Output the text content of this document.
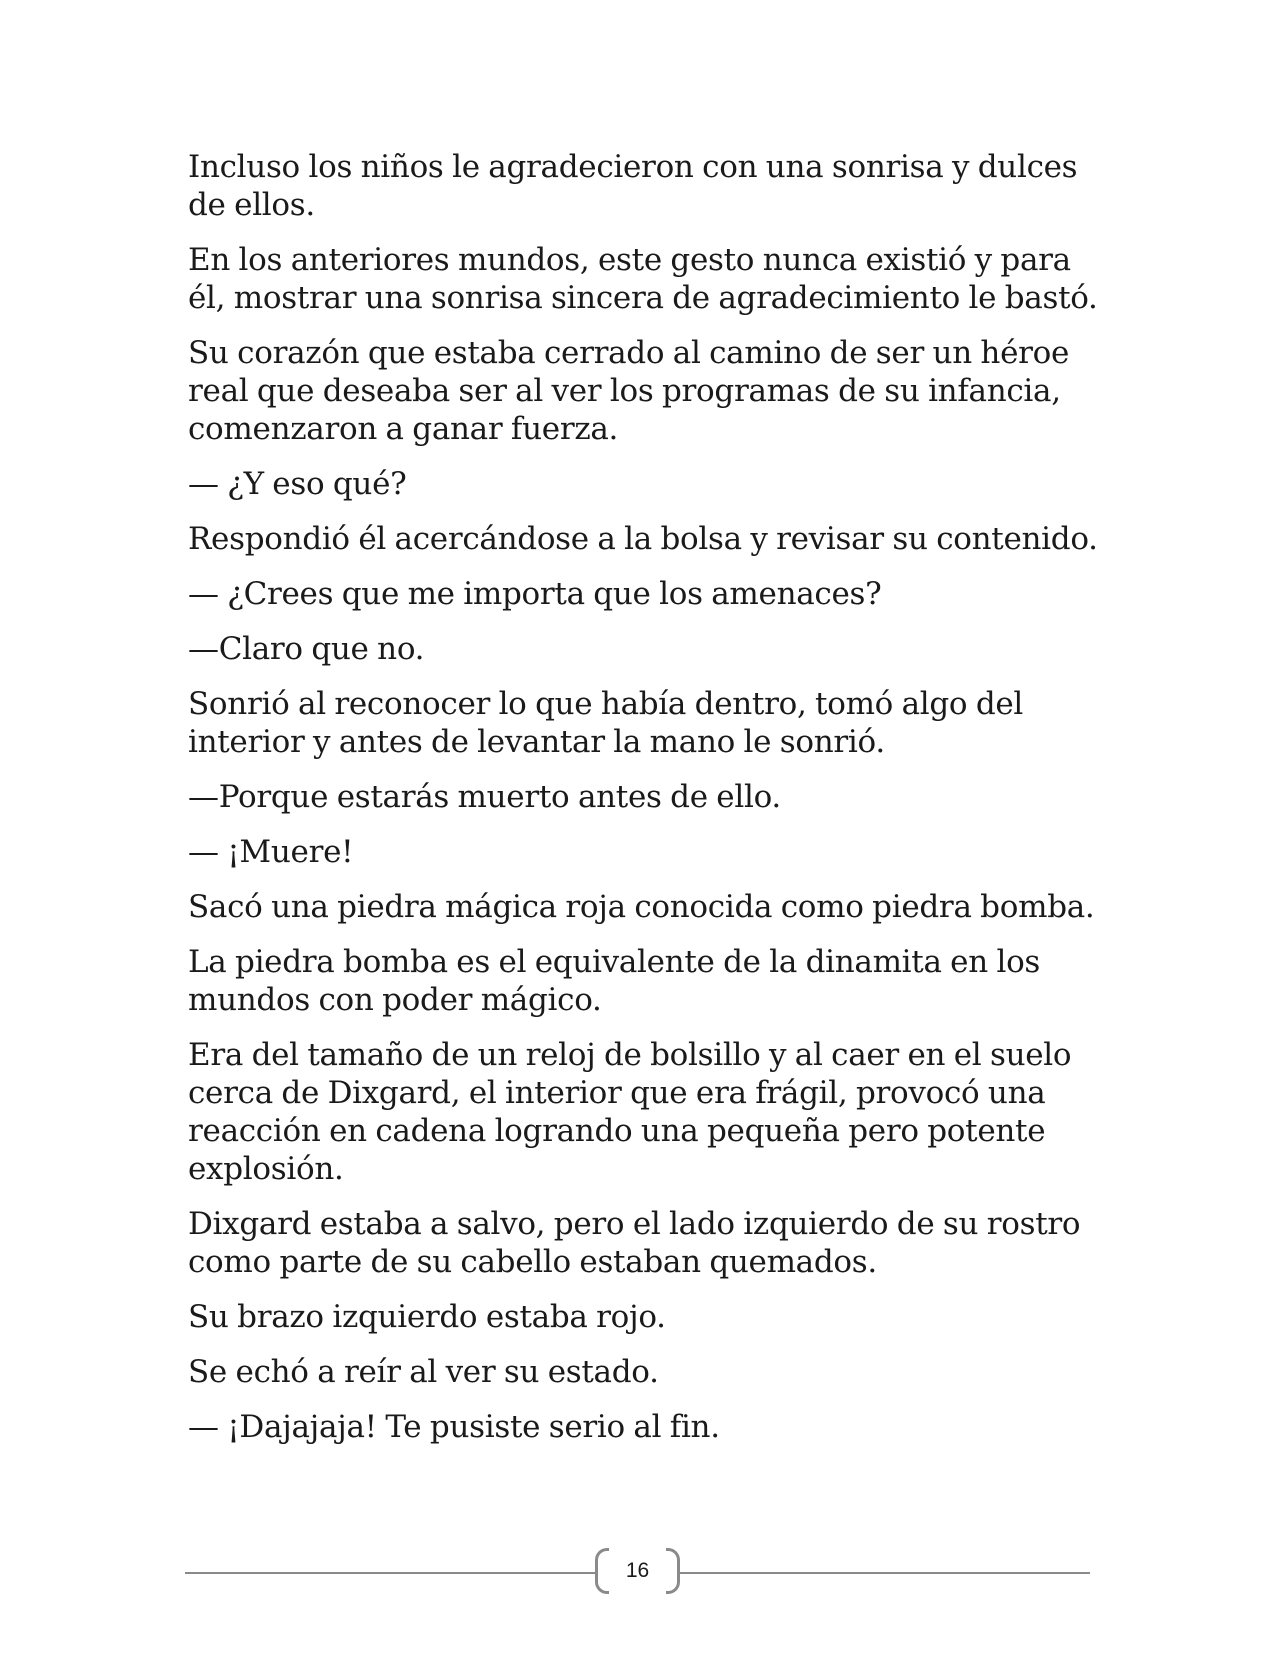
Incluso los niños le agradecieron con una sonrisa y dulces de ellos.

En los anteriores mundos, este gesto nunca existió y para él, mostrar una sonrisa sincera de agradecimiento le bastó.

Su corazón que estaba cerrado al camino de ser un héroe real que deseaba ser al ver los programas de su infancia, comenzaron a ganar fuerza.

— ¿Y eso qué?

Respondió él acercándose a la bolsa y revisar su contenido.

— ¿Crees que me importa que los amenaces?

—Claro que no.

Sonrió al reconocer lo que había dentro, tomó algo del interior y antes de levantar la mano le sonrió.

—Porque estarás muerto antes de ello.

— ¡Muere!

Sacó una piedra mágica roja conocida como piedra bomba.

La piedra bomba es el equivalente de la dinamita en los mundos con poder mágico.

Era del tamaño de un reloj de bolsillo y al caer en el suelo cerca de Dixgard, el interior que era frágil, provocó una reacción en cadena logrando una pequeña pero potente explosión.

Dixgard estaba a salvo, pero el lado izquierdo de su rostro como parte de su cabello estaban quemados.

Su brazo izquierdo estaba rojo.

Se echó a reír al ver su estado.

— ¡Dajajaja! Te pusiste serio al fin.

16
